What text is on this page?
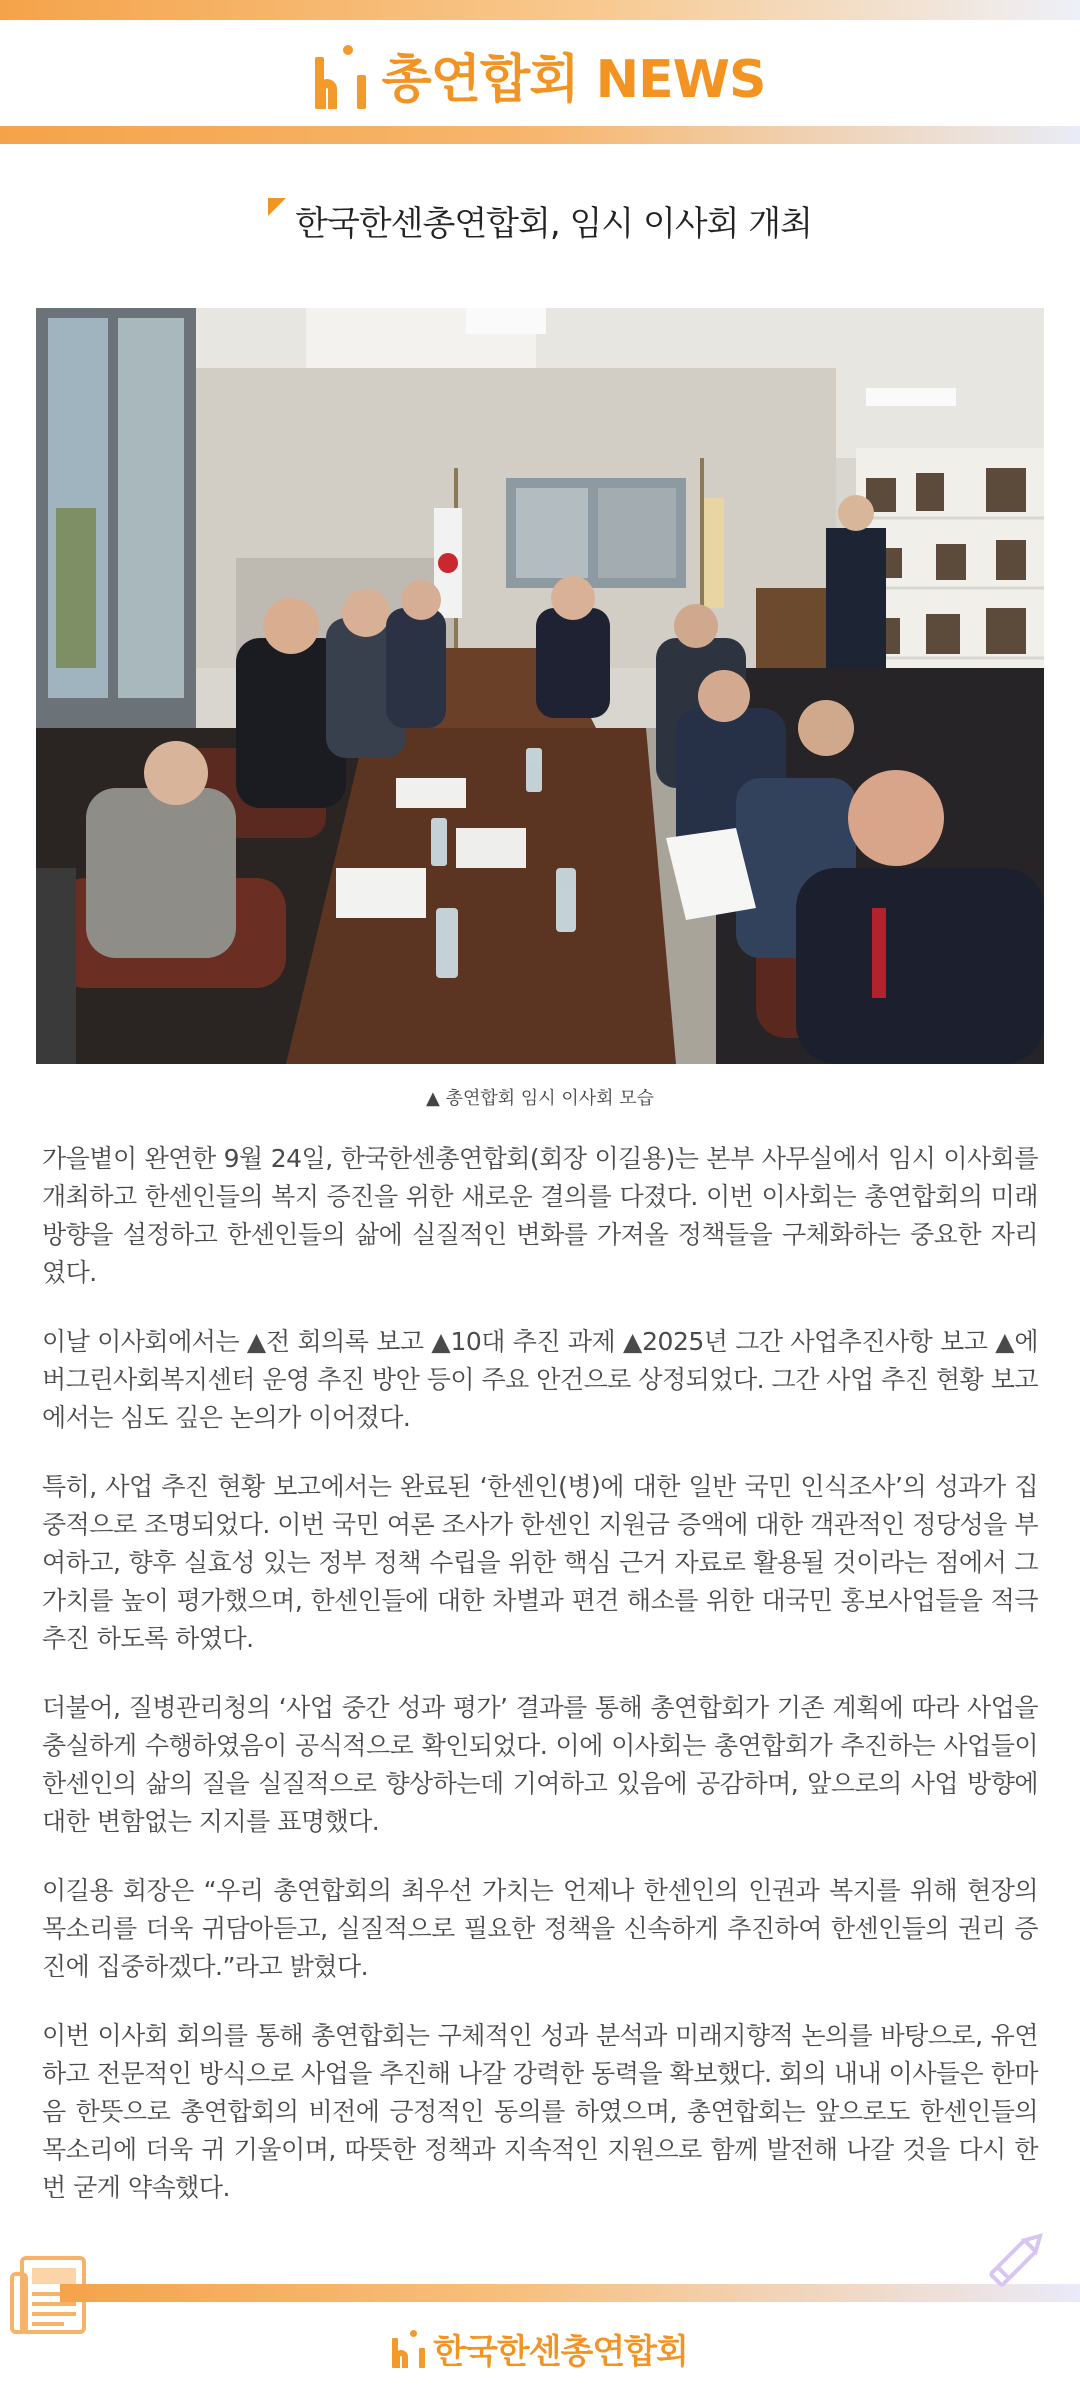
총연합회 NEWS
한국한센총연합회, 임시 이사회 개최
▲ 총연합회 임시 이사회 모습

가을볕이 완연한 9월 24일, 한국한센총연합회(회장 이길용)는 본부 사무실에서 임시 이사회를 개최하고 한센인들의 복지 증진을 위한 새로운 결의를 다졌다. 이번 이사회는 총연합회의 미래 방향을 설정하고 한센인들의 삶에 실질적인 변화를 가져올 정책들을 구체화하는 중요한 자리였다.

이날 이사회에서는 ▲전 회의록 보고 ▲10대 추진 과제 ▲2025년 그간 사업추진사항 보고 ▲에버그린사회복지센터 운영 추진 방안 등이 주요 안건으로 상정되었다. 그간 사업 추진 현황 보고에서는 심도 깊은 논의가 이어졌다.

특히, 사업 추진 현황 보고에서는 완료된 ‘한센인(병)에 대한 일반 국민 인식조사’의 성과가 집중적으로 조명되었다. 이번 국민 여론 조사가 한센인 지원금 증액에 대한 객관적인 정당성을 부여하고, 향후 실효성 있는 정부 정책 수립을 위한 핵심 근거 자료로 활용될 것이라는 점에서 그 가치를 높이 평가했으며, 한센인들에 대한 차별과 편견 해소를 위한 대국민 홍보사업들을 적극 추진 하도록 하였다.

더불어, 질병관리청의 ‘사업 중간 성과 평가’ 결과를 통해 총연합회가 기존 계획에 따라 사업을 충실하게 수행하였음이 공식적으로 확인되었다. 이에 이사회는 총연합회가 추진하는 사업들이 한센인의 삶의 질을 실질적으로 향상하는데 기여하고 있음에 공감하며, 앞으로의 사업 방향에 대한 변함없는 지지를 표명했다.

이길용 회장은 “우리 총연합회의 최우선 가치는 언제나 한센인의 인권과 복지를 위해 현장의 목소리를 더욱 귀담아듣고, 실질적으로 필요한 정책을 신속하게 추진하여 한센인들의 권리 증진에 집중하겠다.”라고 밝혔다.

이번 이사회 회의를 통해 총연합회는 구체적인 성과 분석과 미래지향적 논의를 바탕으로, 유연하고 전문적인 방식으로 사업을 추진해 나갈 강력한 동력을 확보했다. 회의 내내 이사들은 한마음 한뜻으로 총연합회의 비전에 긍정적인 동의를 하였으며, 총연합회는 앞으로도 한센인들의 목소리에 더욱 귀 기울이며, 따뜻한 정책과 지속적인 지원으로 함께 발전해 나갈 것을 다시 한번 굳게 약속했다.

한국한센총연합회
